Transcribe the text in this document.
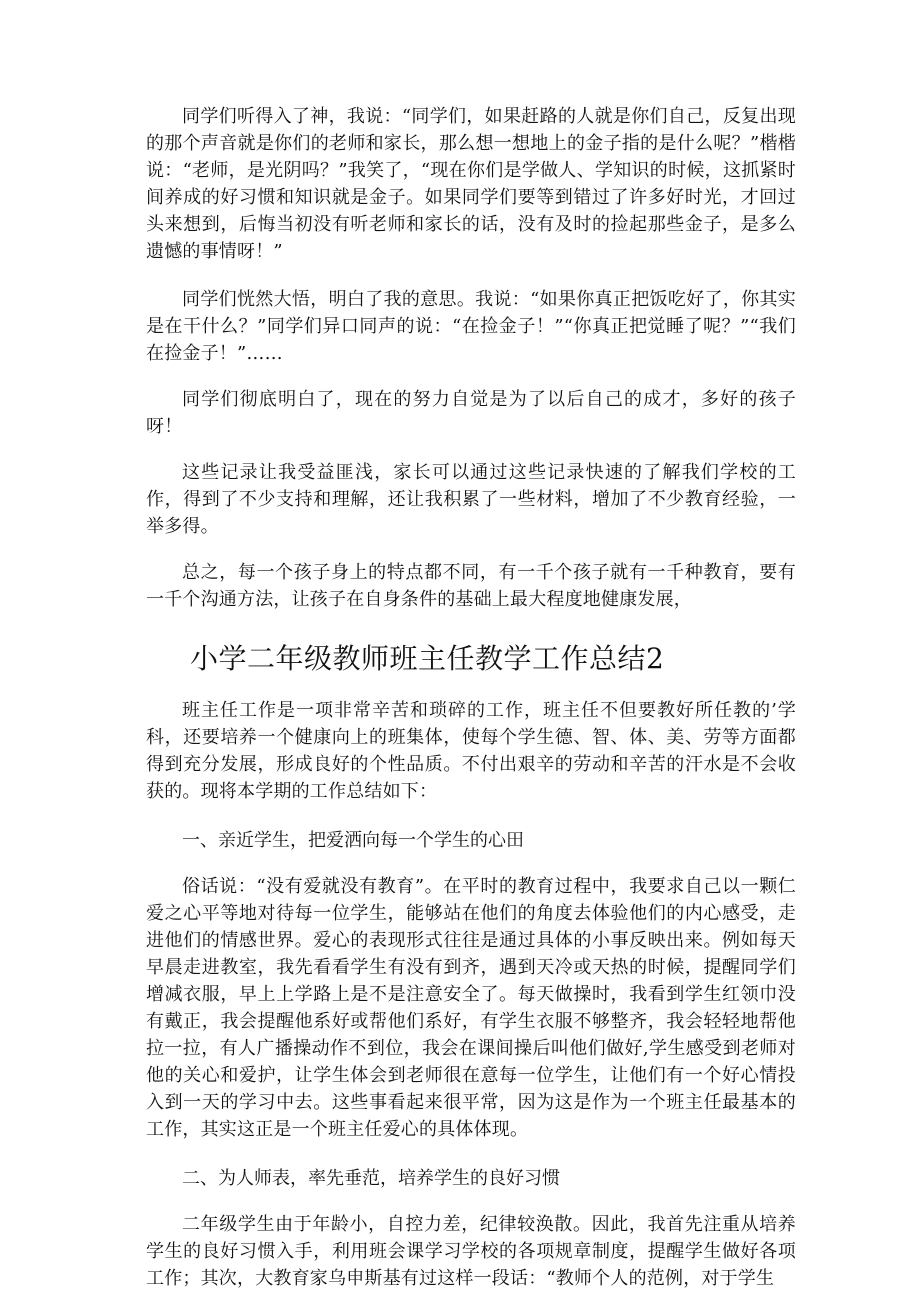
同学们听得入了神，我说：“同学们，如果赶路的人就是你们自己，反复出现的那个声音就是你们的老师和家长，那么想一想地上的金子指的是什么呢？”楷楷说：“老师，是光阴吗？”我笑了，“现在你们是学做人、学知识的时候，这抓紧时间养成的好习惯和知识就是金子。如果同学们要等到错过了许多好时光，才回过头来想到，后悔当初没有听老师和家长的话，没有及时的捡起那些金子，是多么遗憾的事情呀！”

同学们恍然大悟，明白了我的意思。我说：“如果你真正把饭吃好了，你其实是在干什么？”同学们异口同声的说：“在捡金子！”“你真正把觉睡了呢？”“我们在捡金子！”……

同学们彻底明白了，现在的努力自觉是为了以后自己的成才，多好的孩子呀！

这些记录让我受益匪浅，家长可以通过这些记录快速的了解我们学校的工作，得到了不少支持和理解，还让我积累了一些材料，增加了不少教育经验，一举多得。

总之，每一个孩子身上的特点都不同，有一千个孩子就有一千种教育，要有一千个沟通方法，让孩子在自身条件的基础上最大程度地健康发展，

小学二年级教师班主任教学工作总结2

班主任工作是一项非常辛苦和琐碎的工作，班主任不但要教好所任教的’学科，还要培养一个健康向上的班集体，使每个学生德、智、体、美、劳等方面都得到充分发展，形成良好的个性品质。不付出艰辛的劳动和辛苦的汗水是不会收获的。现将本学期的工作总结如下：

一、亲近学生，把爱洒向每一个学生的心田

俗话说：“没有爱就没有教育”。在平时的教育过程中，我要求自己以一颗仁爱之心平等地对待每一位学生，能够站在他们的角度去体验他们的内心感受，走进他们的情感世界。爱心的表现形式往往是通过具体的小事反映出来。例如每天早晨走进教室，我先看看学生有没有到齐，遇到天冷或天热的时候，提醒同学们增减衣服，早上上学路上是不是注意安全了。每天做操时，我看到学生红领巾没有戴正，我会提醒他系好或帮他们系好，有学生衣服不够整齐，我会轻轻地帮他拉一拉，有人广播操动作不到位，我会在课间操后叫他们做好,学生感受到老师对他的关心和爱护，让学生体会到老师很在意每一位学生，让他们有一个好心情投入到一天的学习中去。这些事看起来很平常，因为这是作为一个班主任最基本的工作，其实这正是一个班主任爱心的具体体现。

二、为人师表，率先垂范，培养学生的良好习惯

二年级学生由于年龄小，自控力差，纪律较涣散。因此，我首先注重从培养学生的良好习惯入手，利用班会课学习学校的各项规章制度，提醒学生做好各项工作；其次，大教育家乌申斯基有过这样一段话：“教师个人的范例，对于学生
